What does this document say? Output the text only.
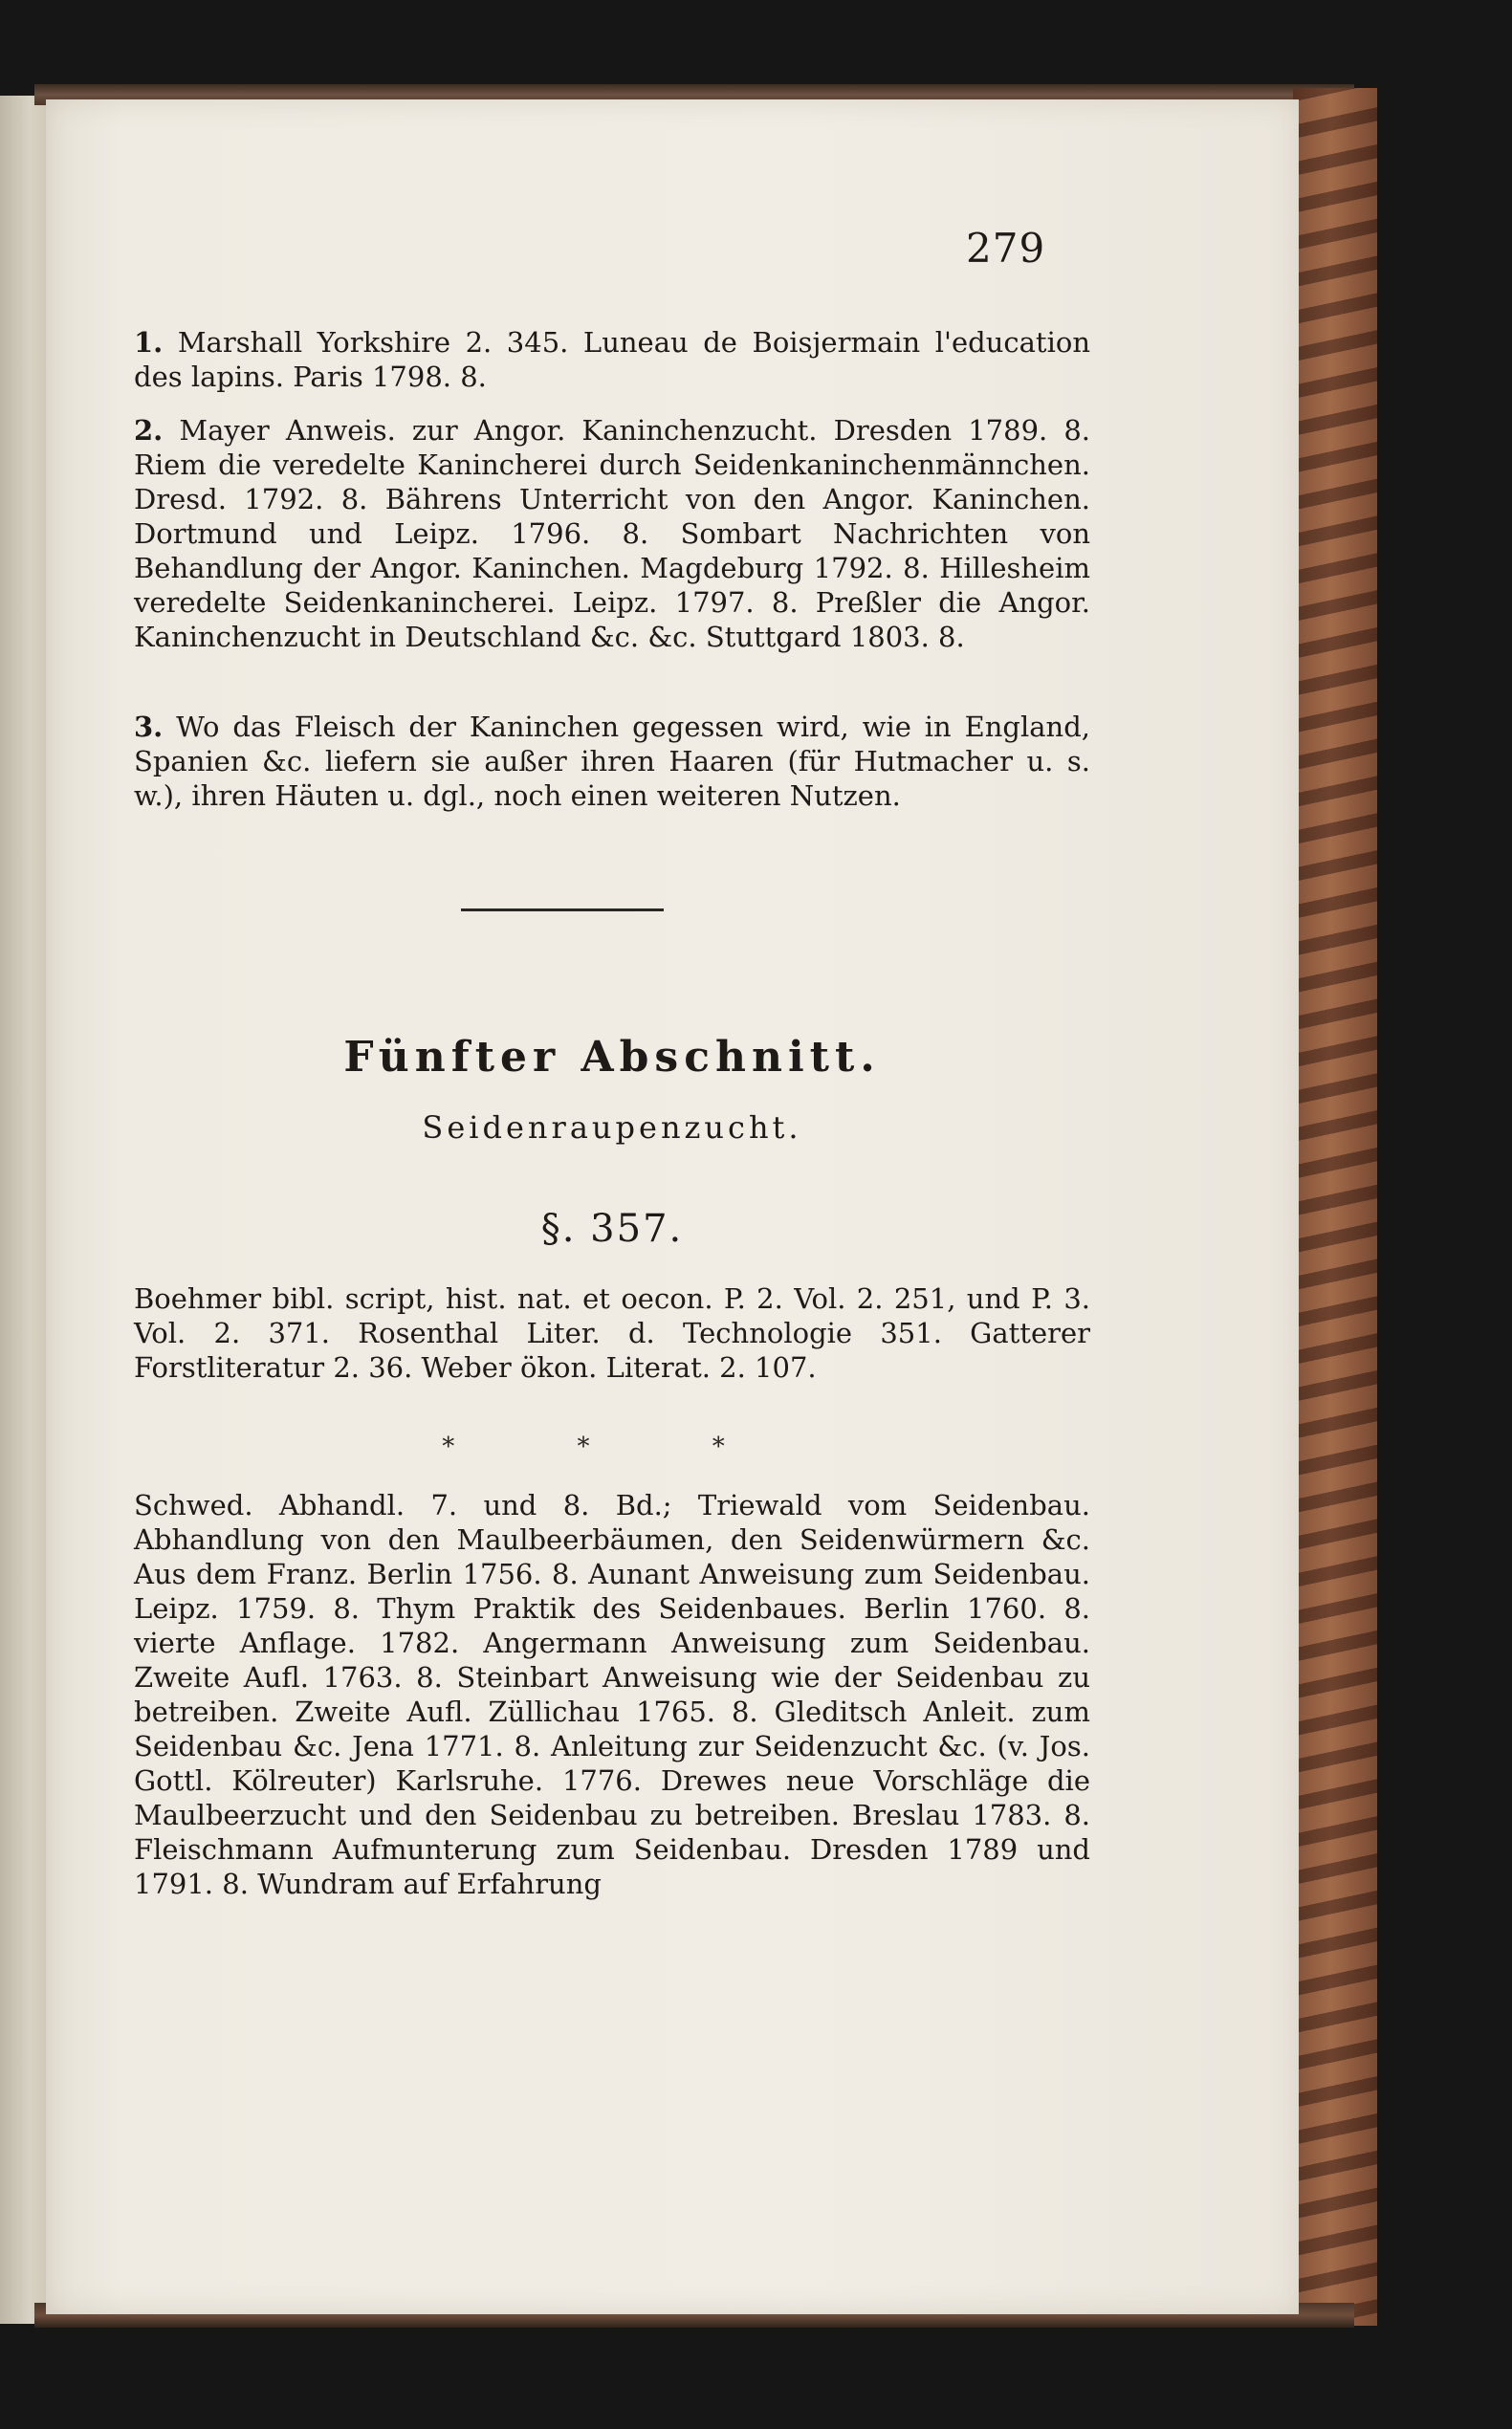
279
1. Marshall Yorkshire 2. 345. Luneau de Boisjermain l'education des lapins. Paris 1798. 8.
2. Mayer Anweis. zur Angor. Kaninchenzucht. Dresden 1789. 8. Riem die veredelte Kanincherei durch Seidenkaninchenmännchen. Dresd. 1792. 8. Bährens Unterricht von den Angor. Kaninchen. Dortmund und Leipz. 1796. 8. Sombart Nachrichten von Behandlung der Angor. Kaninchen. Magdeburg 1792. 8. Hillesheim veredelte Seidenkanincherei. Leipz. 1797. 8. Preßler die Angor. Kaninchenzucht in Deutschland &c. &c. Stuttgard 1803. 8.
3. Wo das Fleisch der Kaninchen gegessen wird, wie in England, Spanien &c. liefern sie außer ihren Haaren (für Hutmacher u. s. w.), ihren Häuten u. dgl., noch einen weiteren Nutzen.
Fünfter Abschnitt.
Seidenraupenzucht.
§. 357.
Boehmer bibl. script, hist. nat. et oecon. P. 2. Vol. 2. 251, und P. 3. Vol. 2. 371. Rosenthal Liter. d. Technologie 351. Gatterer Forstliteratur 2. 36. Weber ökon. Literat. 2. 107.
* * *
Schwed. Abhandl. 7. und 8. Bd.; Triewald vom Seidenbau. Abhandlung von den Maulbeerbäumen, den Seidenwürmern &c. Aus dem Franz. Berlin 1756. 8. Aunant Anweisung zum Seidenbau. Leipz. 1759. 8. Thym Praktik des Seidenbaues. Berlin 1760. 8. vierte Anflage. 1782. Angermann Anweisung zum Seidenbau. Zweite Aufl. 1763. 8. Steinbart Anweisung wie der Seidenbau zu betreiben. Zweite Aufl. Züllichau 1765. 8. Gleditsch Anleit. zum Seidenbau &c. Jena 1771. 8. Anleitung zur Seidenzucht &c. (v. Jos. Gottl. Kölreuter) Karlsruhe. 1776. Drewes neue Vorschläge die Maulbeerzucht und den Seidenbau zu betreiben. Breslau 1783. 8. Fleischmann Aufmunterung zum Seidenbau. Dresden 1789 und 1791. 8. Wundram auf Erfahrung
